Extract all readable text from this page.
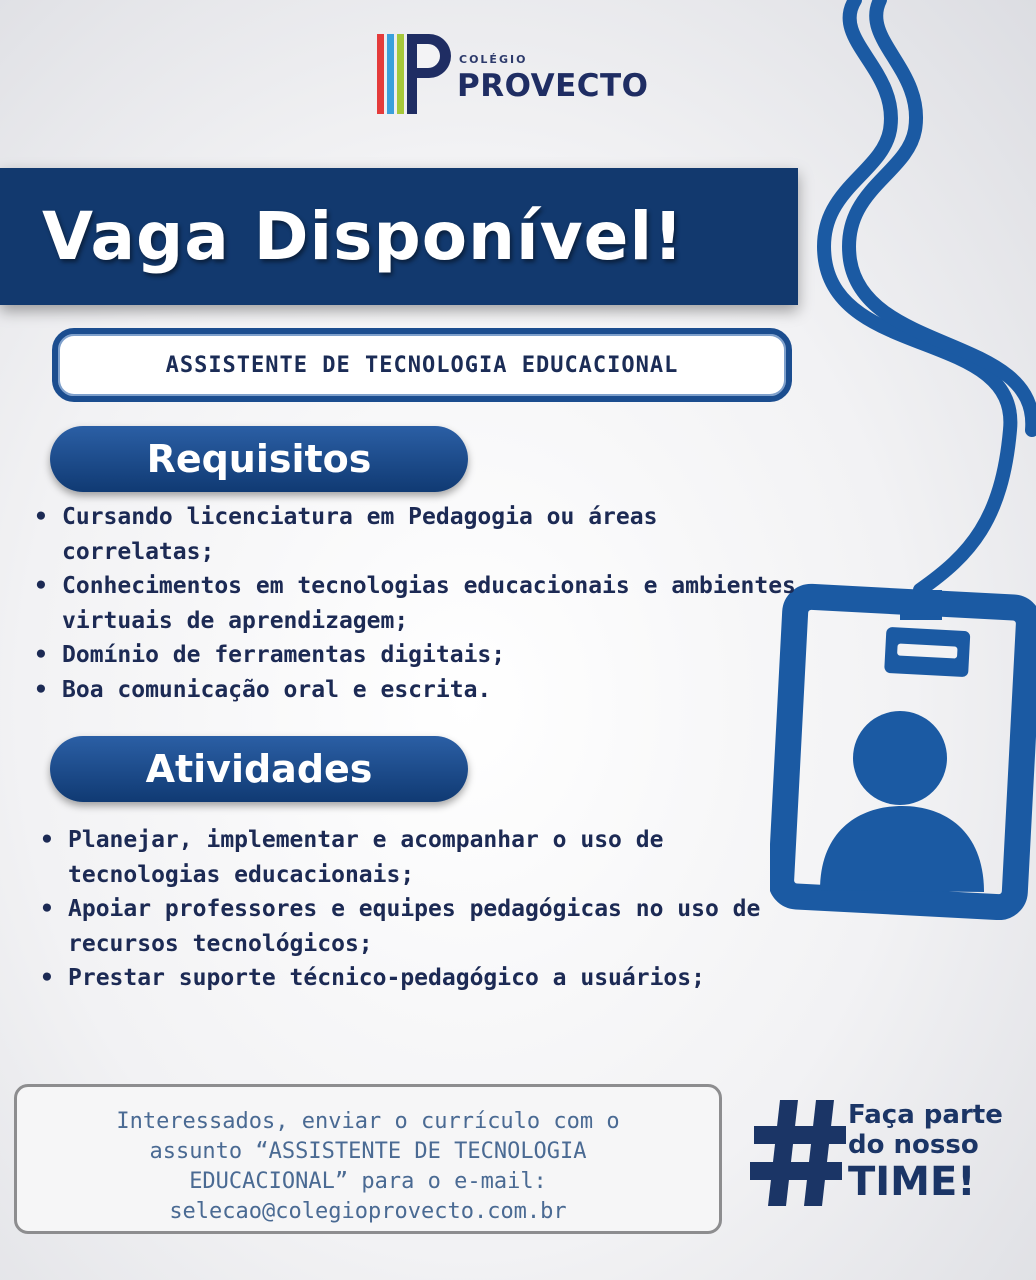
COLÉGIO
PROVECTO
Vaga Disponível!
ASSISTENTE DE TECNOLOGIA EDUCACIONAL
Requisitos
• Cursando licenciatura em Pedagogia ou áreas correlatas;
• Conhecimentos em tecnologias educacionais e ambientes virtuais de aprendizagem;
• Domínio de ferramentas digitais;
• Boa comunicação oral e escrita.
Atividades
• Planejar, implementar e acompanhar o uso de tecnologias educacionais;
• Apoiar professores e equipes pedagógicas no uso de recursos tecnológicos;
• Prestar suporte técnico-pedagógico a usuários;
Interessados, enviar o currículo com o
assunto “ASSISTENTE DE TECNOLOGIA
EDUCACIONAL” para o e-mail:
selecao@colegioprovecto.com.br
Faça parte
do nosso
TIME!
